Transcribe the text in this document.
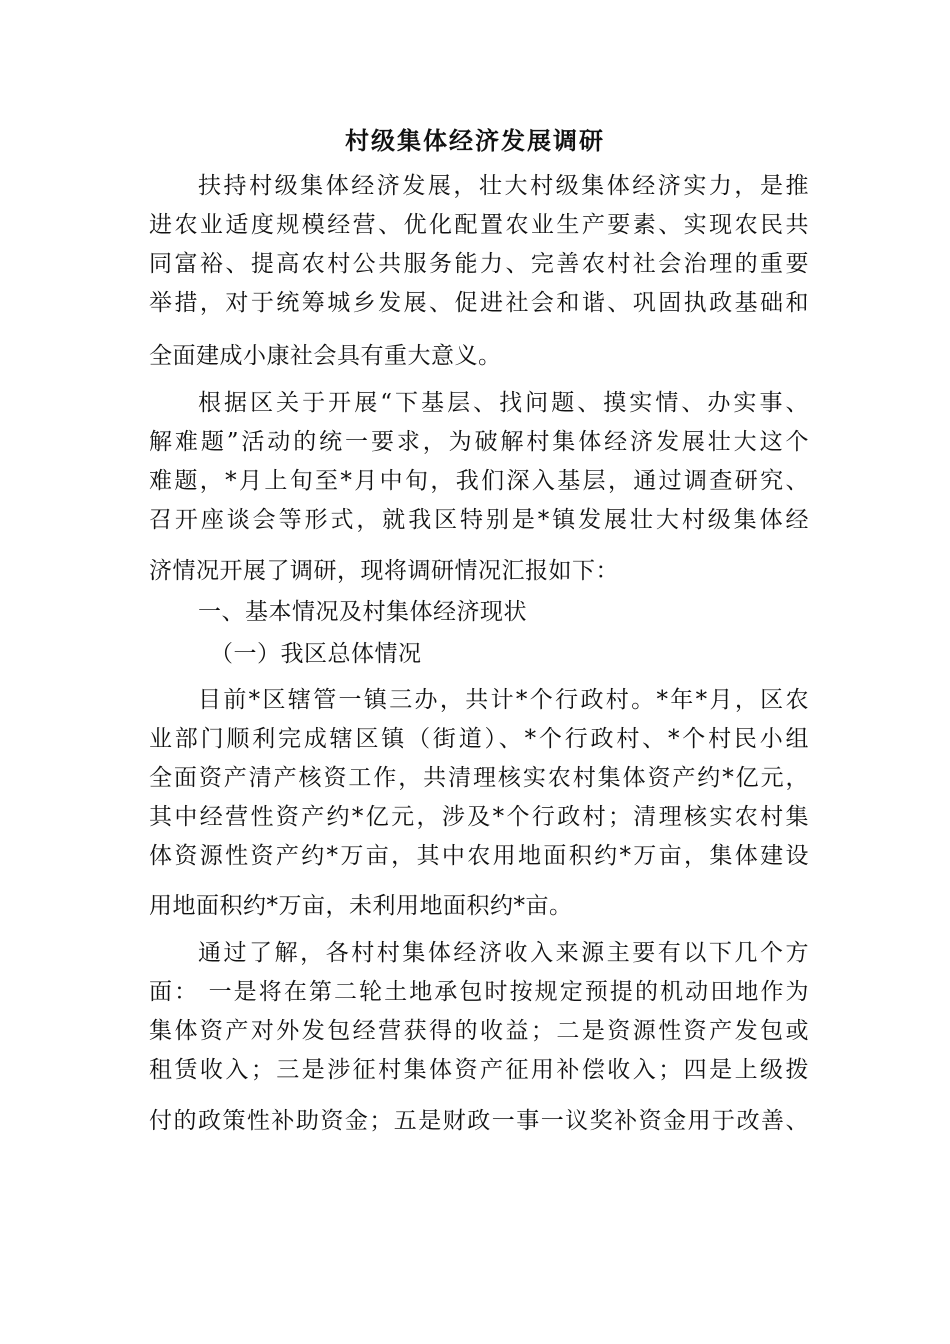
村级集体经济发展调研
扶持村级集体经济发展，壮大村级集体经济实力，是推
进农业适度规模经营、优化配置农业生产要素、实现农民共
同富裕、提高农村公共服务能力、完善农村社会治理的重要
举措，对于统筹城乡发展、促进社会和谐、巩固执政基础和
全面建成小康社会具有重大意义。
根据区关于开展“下基层、找问题、摸实情、办实事、
解难题”活动的统一要求，为破解村集体经济发展壮大这个
难题，*月上旬至*月中旬，我们深入基层，通过调查研究、
召开座谈会等形式，就我区特别是*镇发展壮大村级集体经
济情况开展了调研，现将调研情况汇报如下：
一、基本情况及村集体经济现状
（一）我区总体情况
目前*区辖管一镇三办，共计*个行政村。*年*月，区农
业部门顺利完成辖区镇（街道）、*个行政村、*个村民小组
全面资产清产核资工作，共清理核实农村集体资产约*亿元，
其中经营性资产约*亿元，涉及*个行政村；清理核实农村集
体资源性资产约*万亩，其中农用地面积约*万亩，集体建设
用地面积约*万亩，未利用地面积约*亩。
通过了解，各村村集体经济收入来源主要有以下几个方
面： 一是将在第二轮土地承包时按规定预提的机动田地作为
集体资产对外发包经营获得的收益；二是资源性资产发包或
租赁收入；三是涉征村集体资产征用补偿收入；四是上级拨
付的政策性补助资金；五是财政一事一议奖补资金用于改善、
